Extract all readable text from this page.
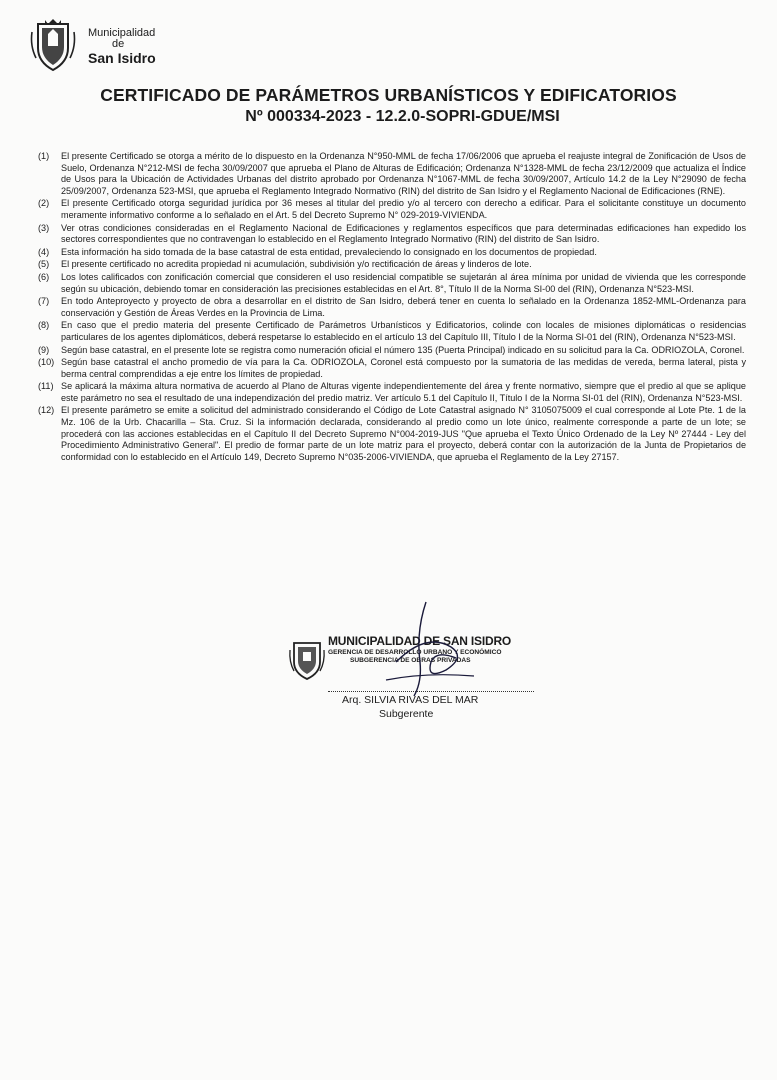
Municipalidad
de
San Isidro
CERTIFICADO DE PARÁMETROS URBANÍSTICOS Y EDIFICATORIOS
Nº 000334-2023 - 12.2.0-SOPRI-GDUE/MSI
(1)	El presente Certificado se otorga a mérito de lo dispuesto en la Ordenanza N°950-MML de fecha 17/06/2006 que aprueba el reajuste integral de Zonificación de Usos de Suelo, Ordenanza N°212-MSI de fecha 30/09/2007 que aprueba el Plano de Alturas de Edificación; Ordenanza N°1328-MML de fecha 23/12/2009 que actualiza el Índice de Usos para la Ubicación de Actividades Urbanas del distrito aprobado por Ordenanza N°1067-MML de fecha 30/09/2007, Artículo 14.2 de la Ley N°29090 de fecha 25/09/2007, Ordenanza 523-MSI, que aprueba el Reglamento Integrado Normativo (RIN) del distrito de San Isidro y el Reglamento Nacional de Edificaciones (RNE).
(2)	El presente Certificado otorga seguridad jurídica por 36 meses al titular del predio y/o al tercero con derecho a edificar. Para el solicitante constituye un documento meramente informativo conforme a lo señalado en el Art. 5 del Decreto Supremo N° 029-2019-VIVIENDA.
(3)	Ver otras condiciones consideradas en el Reglamento Nacional de Edificaciones y reglamentos específicos que para determinadas edificaciones han expedido los sectores correspondientes que no contravengan lo establecido en el Reglamento Integrado Normativo (RIN) del distrito de San Isidro.
(4)	Esta información ha sido tomada de la base catastral de esta entidad, prevaleciendo lo consignado en los documentos de propiedad.
(5)	El presente certificado no acredita propiedad ni acumulación, subdivisión y/o rectificación de áreas y linderos de lote.
(6)	Los lotes calificados con zonificación comercial que consideren el uso residencial compatible se sujetarán al área mínima por unidad de vivienda que les corresponde según su ubicación, debiendo tomar en consideración las precisiones establecidas en el Art. 8°, Título II de la Norma SI-00 del (RIN), Ordenanza N°523-MSI.
(7)	En todo Anteproyecto y proyecto de obra a desarrollar en el distrito de San Isidro, deberá tener en cuenta lo señalado en la Ordenanza 1852-MML-Ordenanza para conservación y Gestión de Áreas Verdes en la Provincia de Lima.
(8)	En caso que el predio materia del presente Certificado de Parámetros Urbanísticos y Edificatorios, colinde con locales de misiones diplomáticas o residencias particulares de los agentes diplomáticos, deberá respetarse lo establecido en el artículo 13 del Capítulo III, Título I de la Norma SI-01 del (RIN), Ordenanza N°523-MSI.
(9)	Según base catastral, en el presente lote se registra como numeración oficial el número 135 (Puerta Principal) indicado en su solicitud para la Ca. ODRIOZOLA, Coronel.
(10) Según base catastral el ancho promedio de vía para la Ca. ODRIOZOLA, Coronel está compuesto por la sumatoria de las medidas de vereda, berma lateral, pista y berma central comprendidas a eje entre los límites de propiedad.
(11) Se aplicará la máxima altura normativa de acuerdo al Plano de Alturas vigente independientemente del área y frente normativo, siempre que el predio al que se aplique este parámetro no sea el resultado de una independización del predio matriz. Ver artículo 5.1 del Capítulo II, Título I de la Norma SI-01 del (RIN), Ordenanza N°523-MSI.
(12) El presente parámetro se emite a solicitud del administrado considerando el Código de Lote Catastral asignado N° 3105075009 el cual corresponde al Lote Pte. 1 de la Mz. 106 de la Urb. Chacarilla – Sta. Cruz. Si la información declarada, considerando al predio como un lote único, realmente corresponde a parte de un lote; se procederá con las acciones establecidas en el Capítulo II del Decreto Supremo N°004-2019-JUS "Que aprueba el Texto Único Ordenado de la Ley Nº 27444 - Ley del Procedimiento Administrativo General". El predio de formar parte de un lote matriz para el proyecto, deberá contar con la autorización de la Junta de Propietarios de conformidad con lo establecido en el Artículo 149, Decreto Supremo N°035-2006-VIVIENDA, que aprueba el Reglamento de la Ley 27157.
MUNICIPALIDAD DE SAN ISIDRO
GERENCIA DE DESARROLLO URBANO Y ECONÓMICO
SUBGERENCIA DE OBRAS PRIVADAS
Arq. SILVIA RIVAS DEL MAR
Subgerente
